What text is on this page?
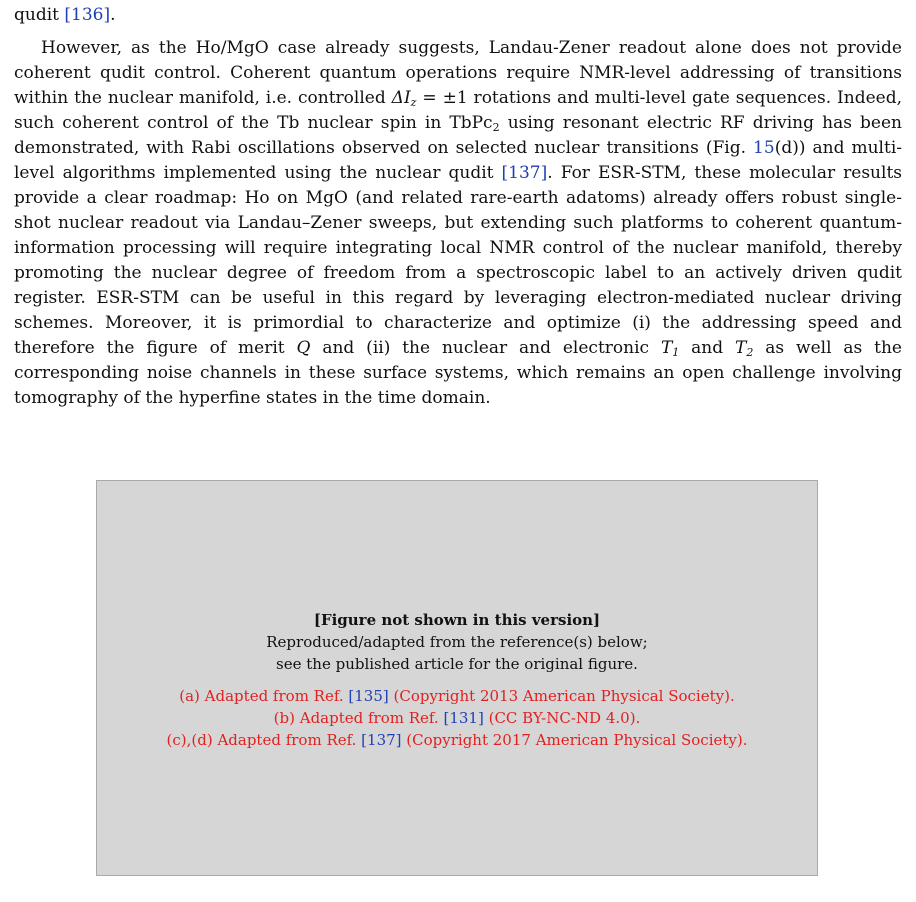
qudit [136].
However, as the Ho/MgO case already suggests, Landau-Zener readout alone does not provide coherent qudit control. Coherent quantum operations require NMR-level addressing of transitions within the nuclear manifold, i.e. controlled $\Delta I_z = \pm 1$ rotations and multi-level gate sequences. Indeed, such coherent control of the Tb nuclear spin in TbPc$_2$ using resonant electric RF driving has been demonstrated, with Rabi oscillations observed on selected nuclear transitions (Fig. 15(d)) and multi-level algorithms implemented using the nuclear qudit [137]. For ESR-STM, these molecular results provide a clear roadmap: Ho on MgO (and related rare-earth adatoms) already offers robust single-shot nuclear readout via Landau–Zener sweeps, but extending such platforms to coherent quantum-information processing will require integrating local NMR control of the nuclear manifold, thereby promoting the nuclear degree of freedom from a spectroscopic label to an actively driven qudit register. ESR-STM can be useful in this regard by leveraging electron-mediated nuclear driving schemes. Moreover, it is primordial to characterize and optimize (i) the addressing speed and therefore the figure of merit Q and (ii) the nuclear and electronic $T_1$ and $T_2$ as well as the corresponding noise channels in these surface systems, which remains an open challenge involving tomography of the hyperfine states in the time domain.
[Figure not shown in this version]
Reproduced/adapted from the reference(s) below;
see the published article for the original figure.
(a) Adapted from Ref. [135] (Copyright 2013 American Physical Society).
(b) Adapted from Ref. [131] (CC BY-NC-ND 4.0).
(c),(d) Adapted from Ref. [137] (Copyright 2017 American Physical Society).
